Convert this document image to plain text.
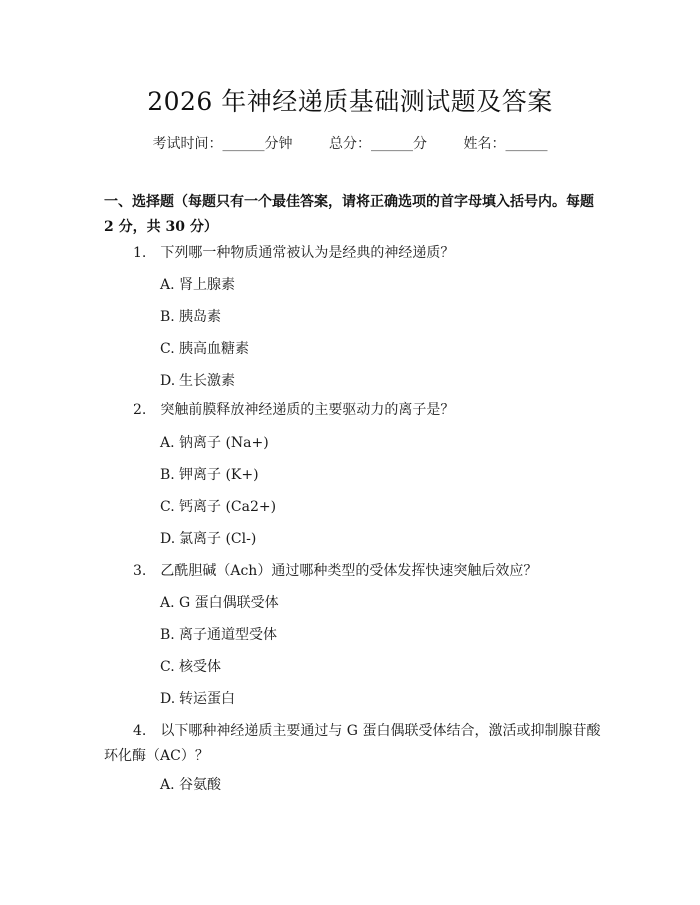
2026 年神经递质基础测试题及答案
考试时间：______分钟	总分：______分	姓名：______
一、选择题（每题只有一个最佳答案，请将正确选项的首字母填入括号内。每题 2 分，共 30 分）
1. 下列哪一种物质通常被认为是经典的神经递质？
A. 肾上腺素
B. 胰岛素
C. 胰高血糖素
D. 生长激素
2. 突触前膜释放神经递质的主要驱动力的离子是？
A. 钠离子 (Na+)
B. 钾离子 (K+)
C. 钙离子 (Ca2+)
D. 氯离子 (Cl-)
3. 乙酰胆碱（Ach）通过哪种类型的受体发挥快速突触后效应？
A. G 蛋白偶联受体
B. 离子通道型受体
C. 核受体
D. 转运蛋白
4. 以下哪种神经递质主要通过与 G 蛋白偶联受体结合，激活或抑制腺苷酸环化酶（AC）？
A. 谷氨酸
